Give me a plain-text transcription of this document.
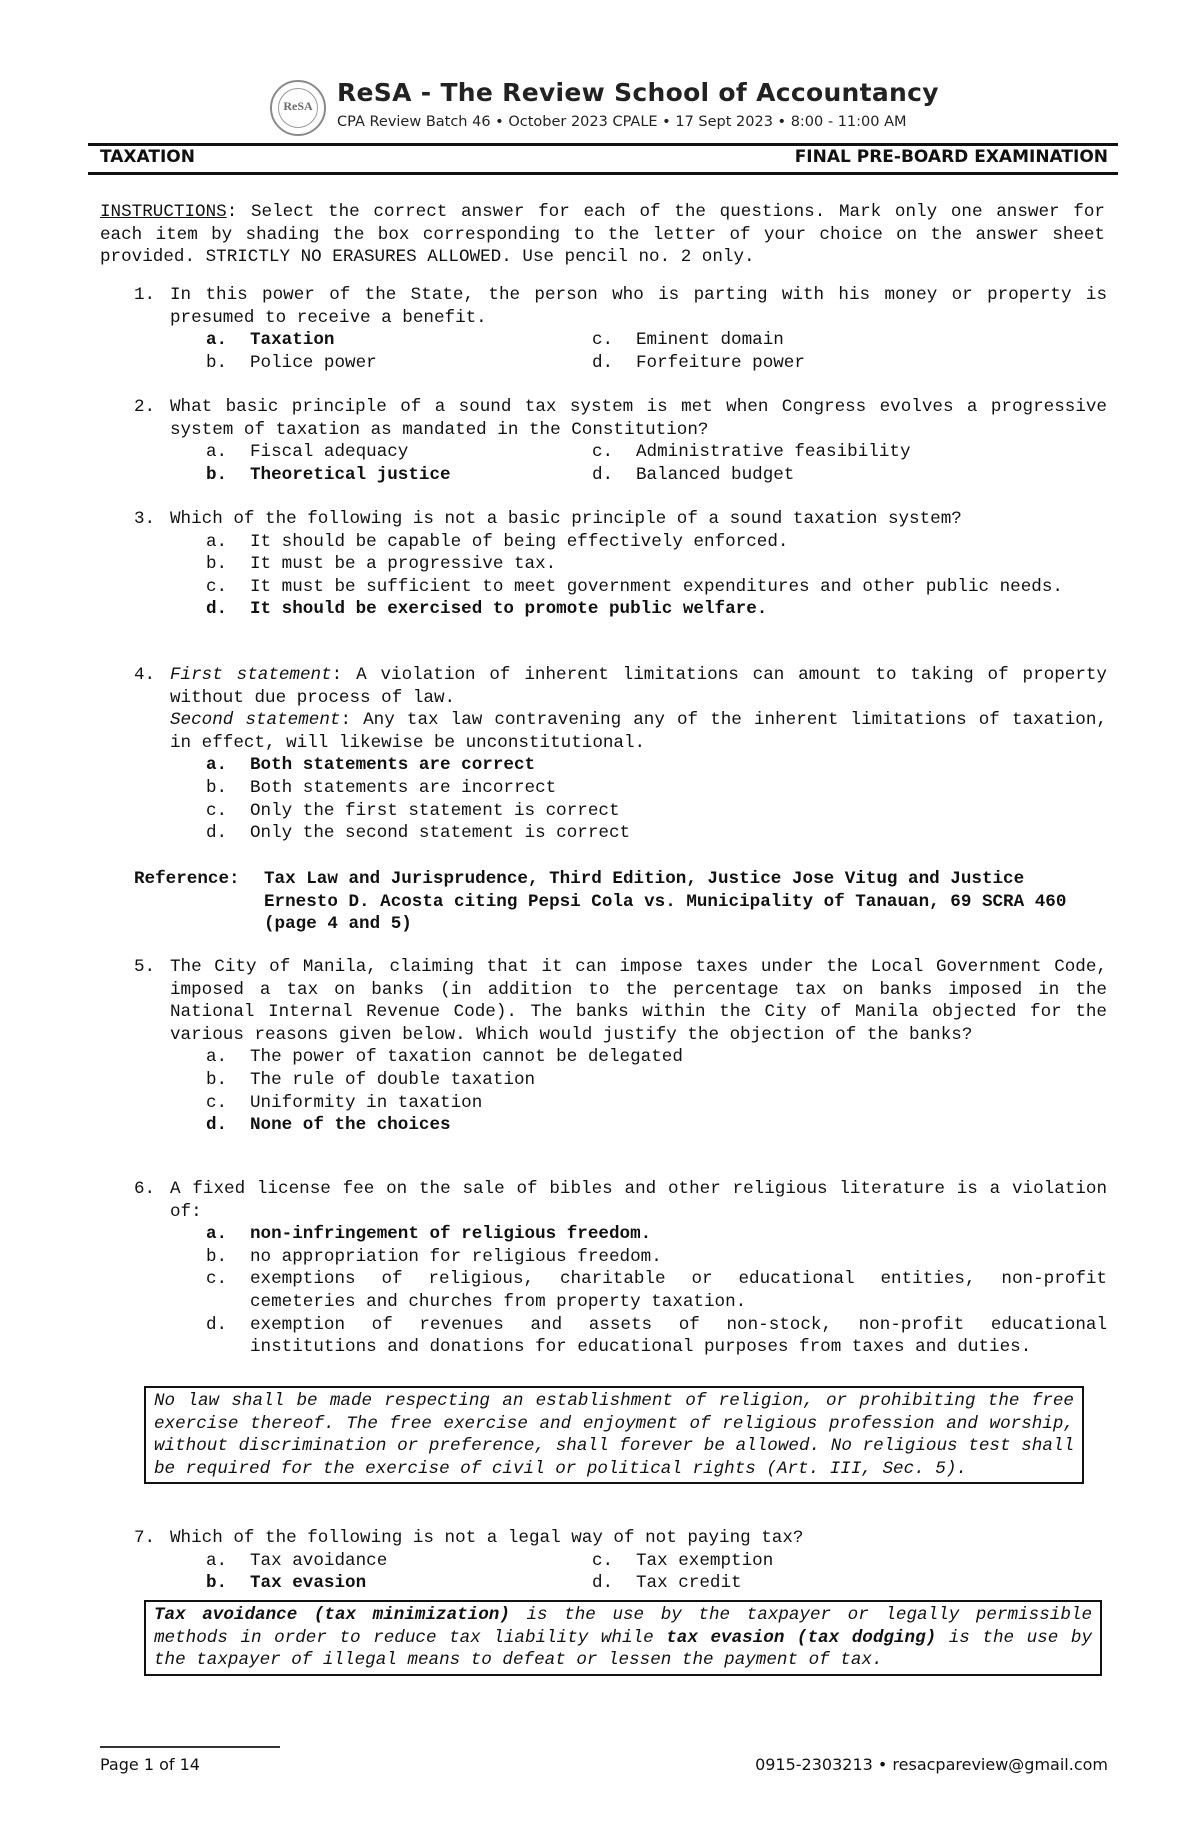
ReSA ReSA - The Review School of Accountancy
CPA Review Batch 46 • October 2023 CPALE • 17 Sept 2023 • 8:00 - 11:00 AM
TAXATION	FINAL PRE-BOARD EXAMINATION
INSTRUCTIONS: Select the correct answer for each of the questions. Mark only one answer for each item by shading the box corresponding to the letter of your choice on the answer sheet provided. STRICTLY NO ERASURES ALLOWED. Use pencil no. 2 only.
1. In this power of the State, the person who is parting with his money or property is presumed to receive a benefit.
a.	Taxation	c.	Eminent domain
b.	Police power	d.	Forfeiture power
2. What basic principle of a sound tax system is met when Congress evolves a progressive system of taxation as mandated in the Constitution?
a.	Fiscal adequacy	c.	Administrative feasibility
b.	Theoretical justice	d.	Balanced budget
3. Which of the following is not a basic principle of a sound taxation system?
a.	It should be capable of being effectively enforced.
b.	It must be a progressive tax.
c.	It must be sufficient to meet government expenditures and other public needs.
d.	It should be exercised to promote public welfare.
4. First statement: A violation of inherent limitations can amount to taking of property without due process of law.
Second statement: Any tax law contravening any of the inherent limitations of taxation, in effect, will likewise be unconstitutional.
a.	Both statements are correct
b.	Both statements are incorrect
c.	Only the first statement is correct
d.	Only the second statement is correct
Reference: Tax Law and Jurisprudence, Third Edition, Justice Jose Vitug and Justice Ernesto D. Acosta citing Pepsi Cola vs. Municipality of Tanauan, 69 SCRA 460 (page 4 and 5)
5. The City of Manila, claiming that it can impose taxes under the Local Government Code, imposed a tax on banks (in addition to the percentage tax on banks imposed in the National Internal Revenue Code). The banks within the City of Manila objected for the various reasons given below. Which would justify the objection of the banks?
a.	The power of taxation cannot be delegated
b.	The rule of double taxation
c.	Uniformity in taxation
d.	None of the choices
6. A fixed license fee on the sale of bibles and other religious literature is a violation of:
a.	non-infringement of religious freedom.
b.	no appropriation for religious freedom.
c.	exemptions of religious, charitable or educational entities, non-profit cemeteries and churches from property taxation.
d.	exemption of revenues and assets of non-stock, non-profit educational institutions and donations for educational purposes from taxes and duties.
No law shall be made respecting an establishment of religion, or prohibiting the free exercise thereof. The free exercise and enjoyment of religious profession and worship, without discrimination or preference, shall forever be allowed. No religious test shall be required for the exercise of civil or political rights (Art. III, Sec. 5).
7. Which of the following is not a legal way of not paying tax?
a.	Tax avoidance	c.	Tax exemption
b.	Tax evasion	d.	Tax credit
Tax avoidance (tax minimization) is the use by the taxpayer or legally permissible methods in order to reduce tax liability while tax evasion (tax dodging) is the use by the taxpayer of illegal means to defeat or lessen the payment of tax.
Page 1 of 14	0915-2303213 • resacpareview@gmail.com
